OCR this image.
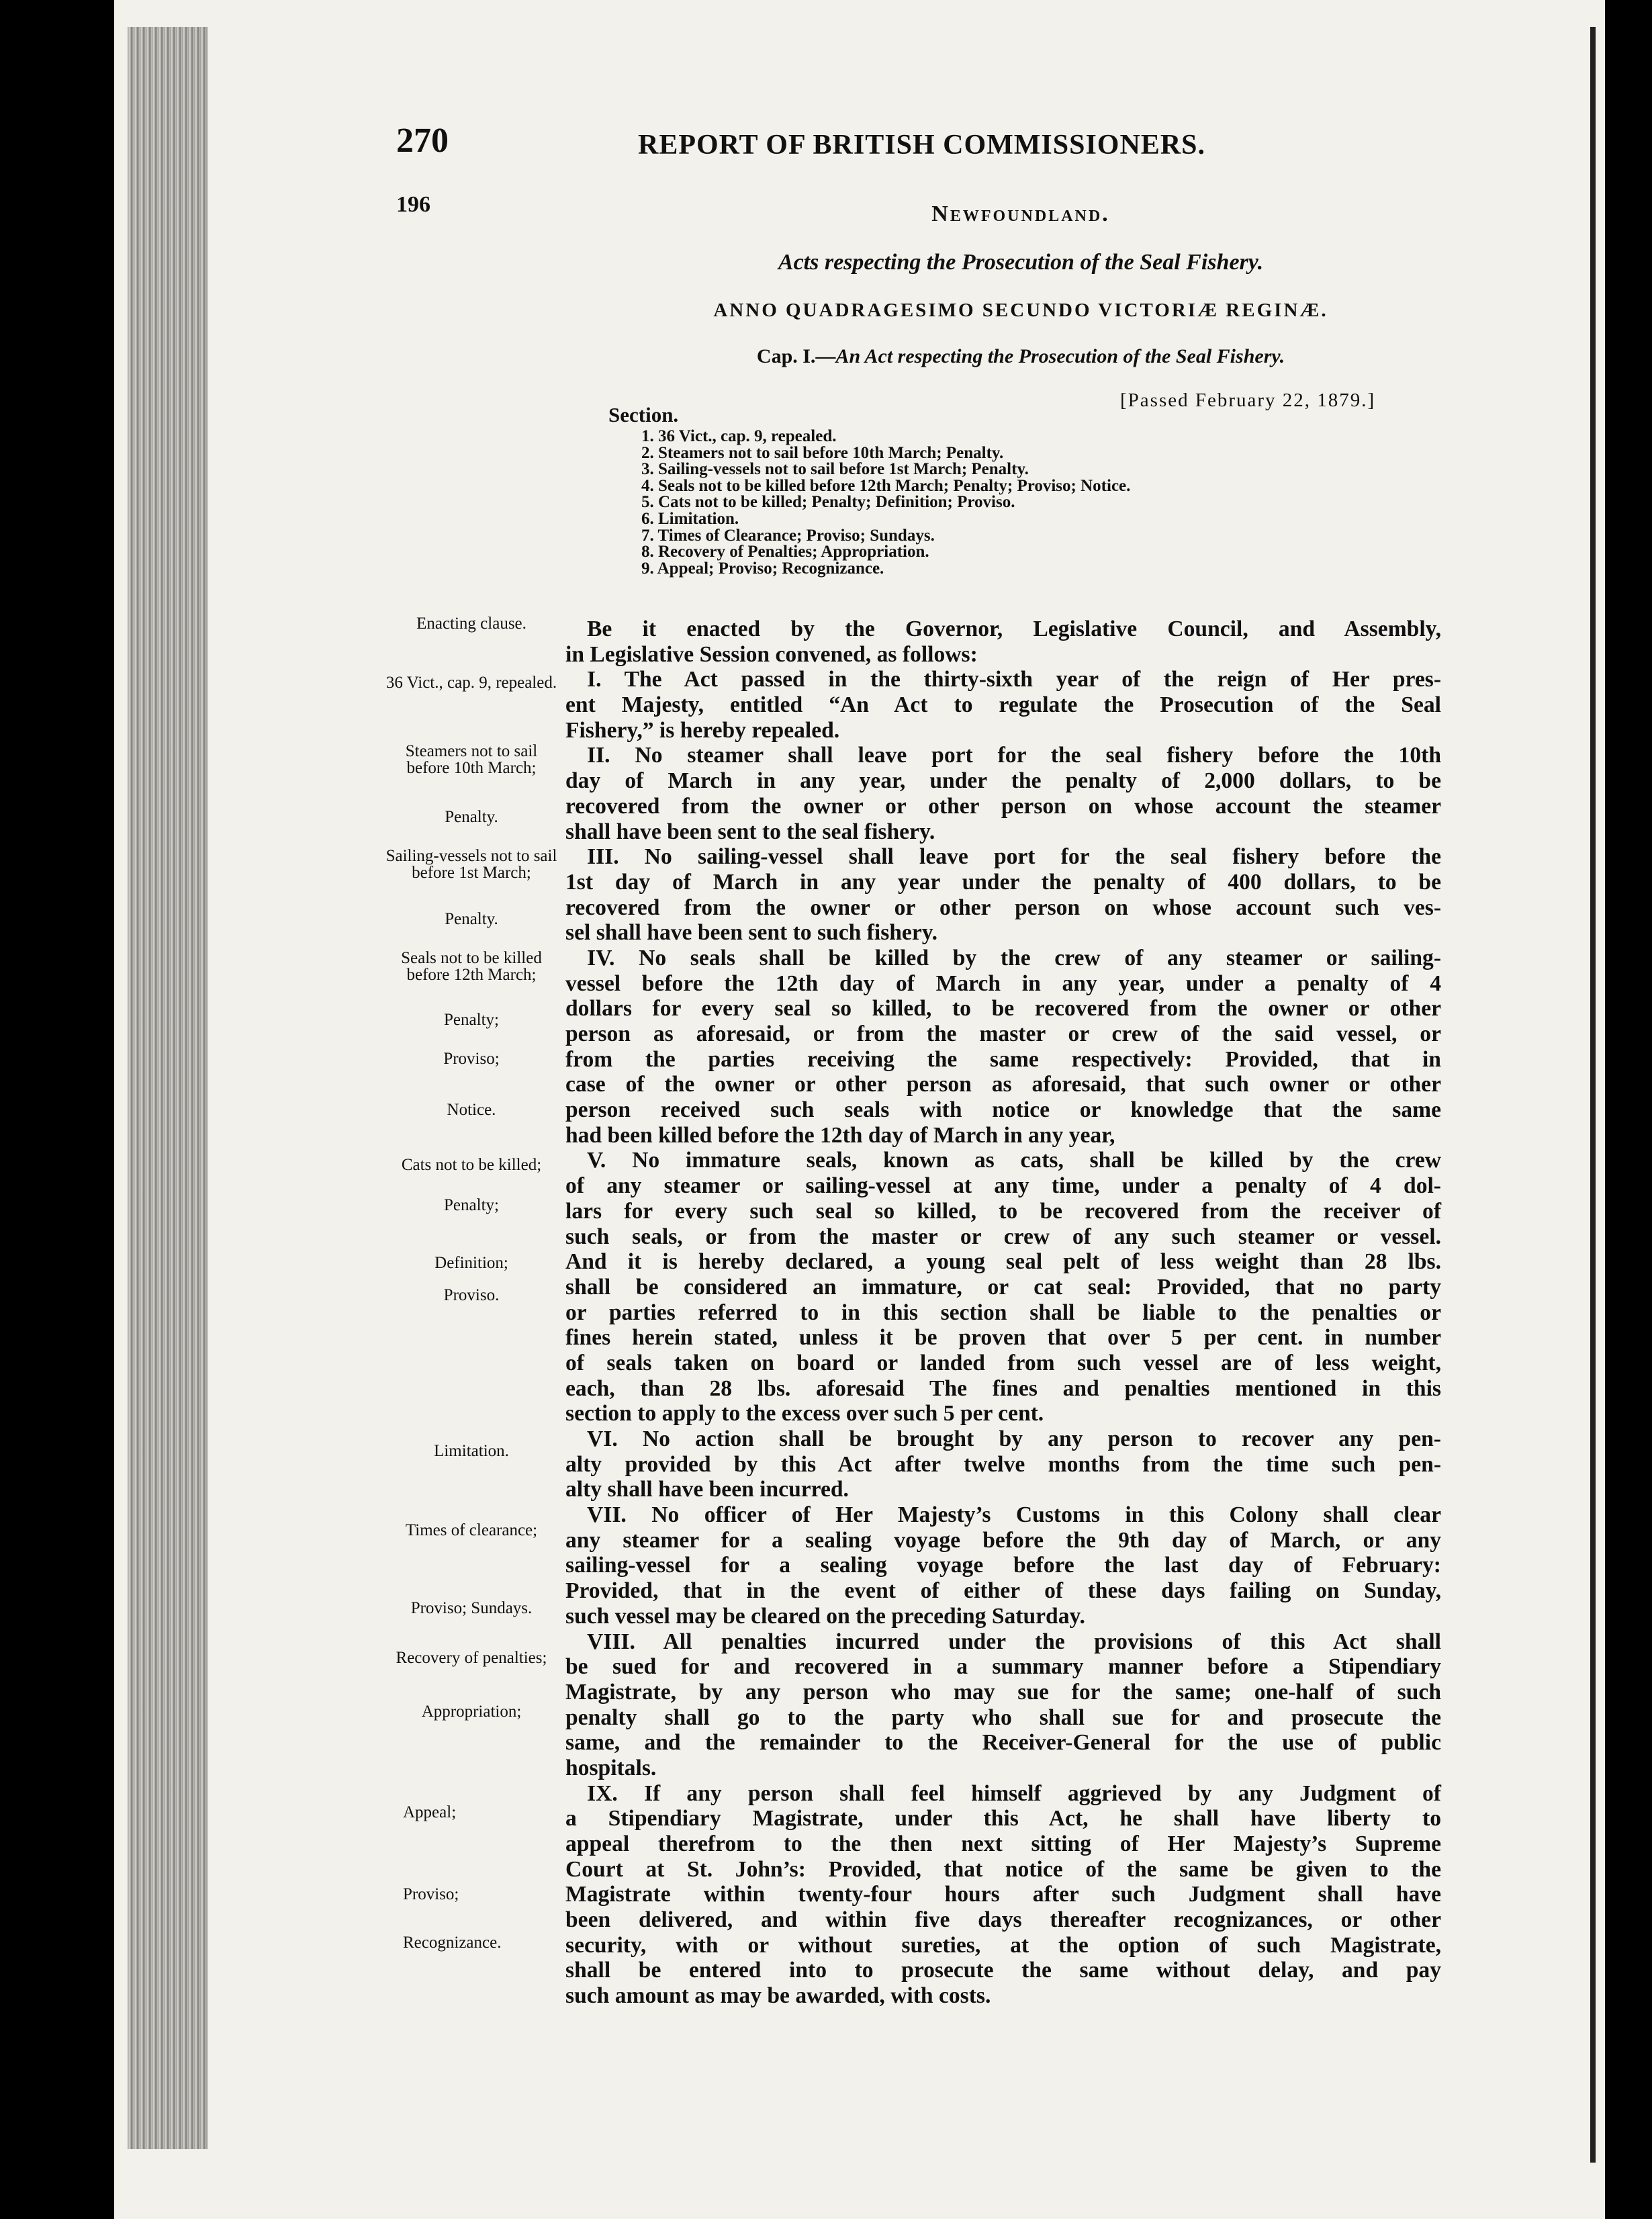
270	REPORT OF BRITISH COMMISSIONERS.
196	Newfoundland.
Acts respecting the Prosecution of the Seal Fishery.
ANNO QUADRAGESIMO SECUNDO VICTORIÆ REGINÆ.
Cap. I.—An Act respecting the Prosecution of the Seal Fishery.
[Passed February 22, 1879.]
Section.
1. 36 Vict., cap. 9, repealed.
2. Steamers not to sail before 10th March; Penalty.
3. Sailing-vessels not to sail before 1st March; Penalty.
4. Seals not to be killed before 12th March; Penalty; Proviso; Notice.
5. Cats not to be killed; Penalty; Definition; Proviso.
6. Limitation.
7. Times of Clearance; Proviso; Sundays.
8. Recovery of Penalties; Appropriation.
9. Appeal; Proviso; Recognizance.
Be it enacted by the Governor, Legislative Council, and Assembly,
in Legislative Session convened, as follows:
I. The Act passed in the thirty-sixth year of the reign of Her pres-
ent Majesty, entitled “An Act to regulate the Prosecution of the Seal
Fishery,” is hereby repealed.
II. No steamer shall leave port for the seal fishery before the 10th
day of March in any year, under the penalty of 2,000 dollars, to be
recovered from the owner or other person on whose account the steamer
shall have been sent to the seal fishery.
III. No sailing-vessel shall leave port for the seal fishery before the
1st day of March in any year under the penalty of 400 dollars, to be
recovered from the owner or other person on whose account such ves-
sel shall have been sent to such fishery.
IV. No seals shall be killed by the crew of any steamer or sailing-
vessel before the 12th day of March in any year, under a penalty of 4
dollars for every seal so killed, to be recovered from the owner or other
person as aforesaid, or from the master or crew of the said vessel, or
from the parties receiving the same respectively: Provided, that in
case of the owner or other person as aforesaid, that such owner or other
person received such seals with notice or knowledge that the same
had been killed before the 12th day of March in any year,
V. No immature seals, known as cats, shall be killed by the crew
of any steamer or sailing-vessel at any time, under a penalty of 4 dol-
lars for every such seal so killed, to be recovered from the receiver of
such seals, or from the master or crew of any such steamer or vessel.
And it is hereby declared, a young seal pelt of less weight than 28 lbs.
shall be considered an immature, or cat seal: Provided, that no party
or parties referred to in this section shall be liable to the penalties or
fines herein stated, unless it be proven that over 5 per cent. in number
of seals taken on board or landed from such vessel are of less weight,
each, than 28 lbs. aforesaid The fines and penalties mentioned in this
section to apply to the excess over such 5 per cent.
VI. No action shall be brought by any person to recover any pen-
alty provided by this Act after twelve months from the time such pen-
alty shall have been incurred.
VII. No officer of Her Majesty’s Customs in this Colony shall clear
any steamer for a sealing voyage before the 9th day of March, or any
sailing-vessel for a sealing voyage before the last day of February:
Provided, that in the event of either of these days failing on Sunday,
such vessel may be cleared on the preceding Saturday.
VIII. All penalties incurred under the provisions of this Act shall
be sued for and recovered in a summary manner before a Stipendiary
Magistrate, by any person who may sue for the same; one-half of such
penalty shall go to the party who shall sue for and prosecute the
same, and the remainder to the Receiver-General for the use of public
hospitals.
IX. If any person shall feel himself aggrieved by any Judgment of
a Stipendiary Magistrate, under this Act, he shall have liberty to
appeal therefrom to the then next sitting of Her Majesty’s Supreme
Court at St. John’s: Provided, that notice of the same be given to the
Magistrate within twenty-four hours after such Judgment shall have
been delivered, and within five days thereafter recognizances, or other
security, with or without sureties, at the option of such Magistrate,
shall be entered into to prosecute the same without delay, and pay
such amount as may be awarded, with costs.
Enacting clause.
36 Vict., cap. 9, repealed.
Steamers not to sail before 10th March;
Penalty.
Sailing-vessels not to sail before 1st March;
Penalty.
Seals not to be killed before 12th March;
Penalty;
Proviso;
Notice.
Cats not to be killed;
Penalty;
Definition;
Proviso.
Limitation.
Times of clearance;
Proviso; Sundays.
Recovery of penalties;
Appropriation;
Appeal;
Proviso;
Recognizance.
